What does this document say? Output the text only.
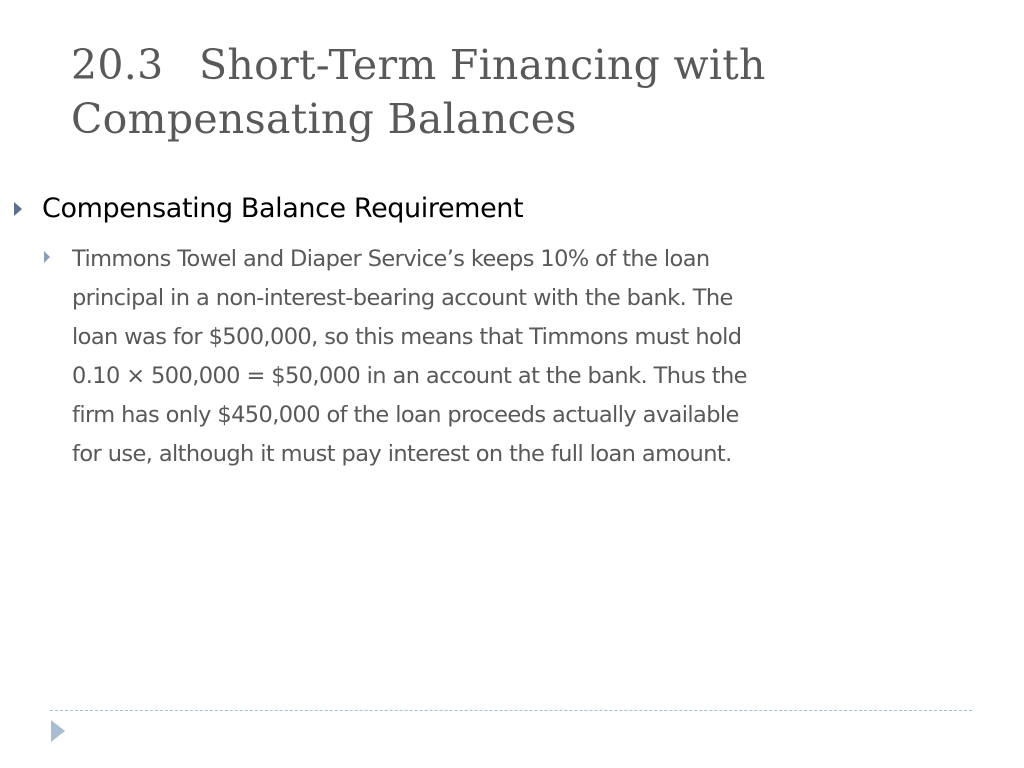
20.3 Short-Term Financing with
Compensating Balances
Compensating Balance Requirement
Timmons Towel and Diaper Service’s keeps 10% of the loan
principal in a non-interest-bearing account with the bank. The
loan was for $500,000, so this means that Timmons must hold
0.10 × 500,000 = $50,000 in an account at the bank. Thus the
firm has only $450,000 of the loan proceeds actually available
for use, although it must pay interest on the full loan amount.
